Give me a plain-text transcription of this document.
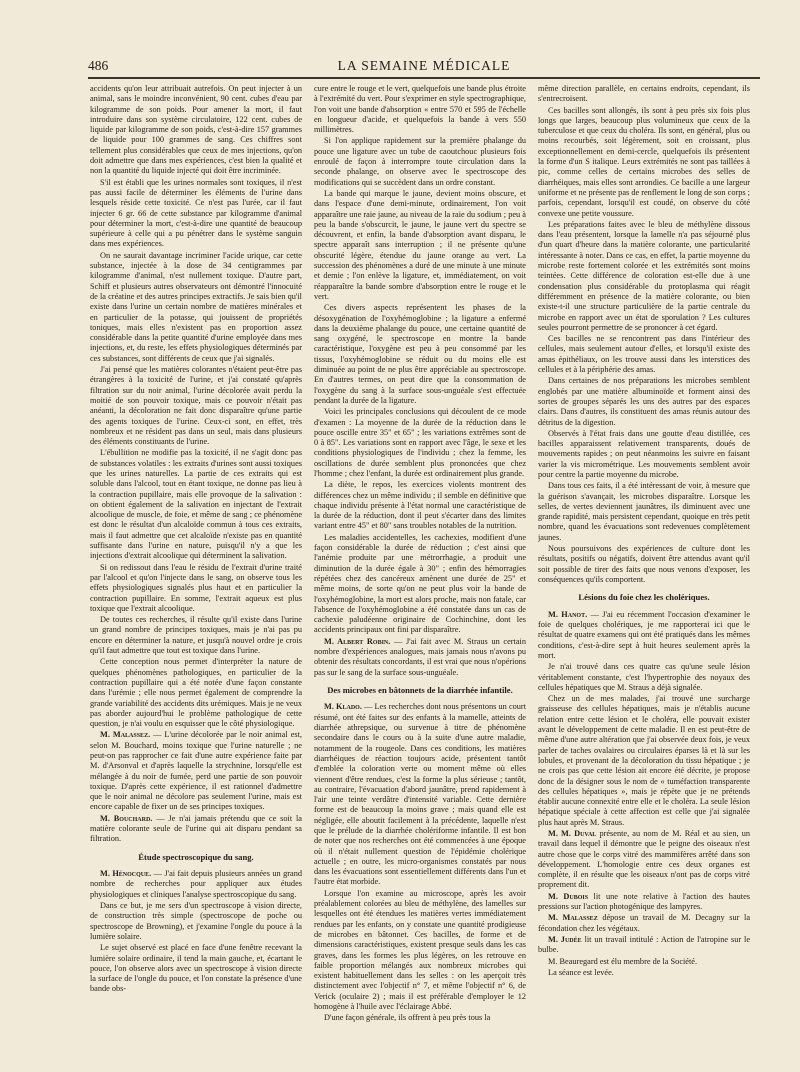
486	LA SEMAINE MÉDICALE

accidents qu'on leur attribuait autrefois. On peut injecter à un animal, sans le moindre inconvénient, 90 cent. cubes d'eau par kilogramme de son poids. Pour amener la mort, il faut introduire dans son système circulatoire, 122 cent. cubes de liquide par kilogramme de son poids, c'est-à-dire 157 grammes de liquide pour 100 grammes de sang. Ces chiffres sont tellement plus considérables que ceux de mes injections, qu'on doit admettre que dans mes expériences, c'est bien la qualité et non la quantité du liquide injecté qui doit être incriminée.

S'il est établi que les urines normales sont toxiques, il n'est pas aussi facile de déterminer les éléments de l'urine dans lesquels réside cette toxicité. Ce n'est pas l'urée, car il faut injecter 6 gr. 66 de cette substance par kilogramme d'animal pour déterminer la mort, c'est-à-dire une quantité de beaucoup supérieure à celle qui a pu pénétrer dans le système sanguin dans mes expériences.

On ne saurait davantage incriminer l'acide urique, car cette substance, injectée à la dose de 34 centigrammes par kilogramme d'animal, n'est nullement toxique. D'autre part, Schiff et plusieurs autres observateurs ont démontré l'innocuité de la créatine et des autres principes extractifs. Je sais bien qu'il existe dans l'urine un certain nombre de matières minérales et en particulier de la potasse, qui jouissent de propriétés toniques, mais elles n'existent pas en proportion assez considérable dans la petite quantité d'urine employée dans mes injections, et, du reste, les effets physiologiques déterminés par ces substances, sont différents de ceux que j'ai signalés.

J'ai pensé que les matières colorantes n'étaient peut-être pas étrangères à la toxicité de l'urine, et j'ai constaté qu'après filtration sur du noir animal, l'urine décolorée avait perdu la moitié de son pouvoir toxique, mais ce pouvoir n'était pas anéanti, la décoloration ne fait donc disparaître qu'une partie des agents toxiques de l'urine. Ceux-ci sont, en effet, très nombreux et ne résident pas dans un seul, mais dans plusieurs des éléments constituants de l'urine.

L'ébullition ne modifie pas la toxicité, il ne s'agit donc pas de substances volatiles : les extraits d'urines sont aussi toxiques que les urines naturelles. La partie de ces extraits qui est soluble dans l'alcool, tout en étant toxique, ne donne pas lieu à la contraction pupillaire, mais elle provoque de la salivation : on obtient également de la salivation en injectant de l'extrait alcoolique de muscle, de foie, et même de sang ; ce phénomène est donc le résultat d'un alcaloïde commun à tous ces extraits, mais il faut admettre que cet alcaloïde n'existe pas en quantité suffisante dans l'urine en nature, puisqu'il n'y a que les injections d'extrait alcoolique qui déterminent la salivation.

Si on redissout dans l'eau le résidu de l'extrait d'urine traité par l'alcool et qu'on l'injecte dans le sang, on observe tous les effets physiologiques signalés plus haut et en particulier la contraction pupillaire. En somme, l'extrait aqueux est plus toxique que l'extrait alcoolique.

De toutes ces recherches, il résulte qu'il existe dans l'urine un grand nombre de principes toxiques, mais je n'ai pas pu encore en déterminer la nature, et jusqu'à nouvel ordre je crois qu'il faut admettre que tout est toxique dans l'urine.

Cette conception nous permet d'interpréter la nature de quelques phénomènes pathologiques, en particulier de la contraction pupillaire qui a été notée d'une façon constante dans l'urémie ; elle nous permet également de comprendre la grande variabilité des accidents dits urémiques. Mais je ne veux pas aborder aujourd'hui le problème pathologique de cette question, je n'ai voulu en esquisser que le côté physiologique.

M. Malassez. — L'urine décolorée par le noir animal est, selon M. Bouchard, moins toxique que l'urine naturelle ; ne peut-on pas rapprocher ce fait d'une autre expérience faite par M. d'Arsonval et d'après laquelle la strychnine, lorsqu'elle est mélangée à du noir de fumée, perd une partie de son pouvoir toxique. D'après cette expérience, il est rationnel d'admettre que le noir animal ne décolore pas seulement l'urine, mais est encore capable de fixer un de ses principes toxiques.

M. Bouchard. — Je n'ai jamais prétendu que ce soit la matière colorante seule de l'urine qui ait disparu pendant sa filtration.

Étude spectroscopique du sang.

M. Hénocque. — J'ai fait depuis plusieurs années un grand nombre de recherches pour appliquer aux études physiologiques et cliniques l'analyse spectroscopique du sang.

Dans ce but, je me sers d'un spectroscope à vision directe, de construction très simple (spectroscope de poche ou spectroscope de Browning), et j'examine l'ongle du pouce à la lumière solaire.

Le sujet observé est placé en face d'une fenêtre recevant la lumière solaire ordinaire, il tend la main gauche, et, écartant le pouce, l'on observe alors avec un spectroscope à vision directe la surface de l'ongle du pouce, et l'on constate la présence d'une bande obs-

cure entre le rouge et le vert, quelquefois une bande plus étroite à l'extrémité du vert. Pour s'exprimer en style spectrographique, l'on voit une bande d'absorption « entre 570 et 595 de l'échelle en longueur d'acide, et quelquefois la bande à vers 550 millimètres.

Si l'on applique rapidement sur la première phalange du pouce une ligature avec un tube de caoutchouc plusieurs fois enroulé de façon à interrompre toute circulation dans la seconde phalange, on observe avec le spectroscope des modifications qui se succèdent dans un ordre constant.

La bande qui marque le jaune, devient moins obscure, et dans l'espace d'une demi-minute, ordinairement, l'on voit apparaître une raie jaune, au niveau de la raie du sodium ; peu à peu la bande s'obscurcit, le jaune, le jaune vert du spectre se découvrent, et enfin, la bande d'absorption avant disparu, le spectre apparaît sans interruption ; il ne présente qu'une obscurité légère, étendue du jaune orange au vert. La succession des phénomènes a duré de une minute à une minute et demie ; l'on enlève la ligature, et, immédiatement, on voit réapparaître la bande sombre d'absorption entre le rouge et le vert.

Ces divers aspects représentent les phases de la désoxygénation de l'oxyhémoglobine ; la ligature a enfermé dans la deuxième phalange du pouce, une certaine quantité de sang oxygéné, le spectroscope en montre la bande caractéristique, l'oxygène est peu à peu consommé par les tissus, l'oxyhémoglobine se réduit ou du moins elle est diminuée au point de ne plus être appréciable au spectroscope. En d'autres termes, on peut dire que la consommation de l'oxygène du sang à la surface sous-unguéale s'est effectuée pendant la durée de la ligature.

Voici les principales conclusions qui découlent de ce mode d'examen : La moyenne de la durée de la réduction dans le pouce oscille entre 35" et 65" ; les variations extrêmes sont de 0 à 85". Les variations sont en rapport avec l'âge, le sexe et les conditions physiologiques de l'individu ; chez la femme, les oscillations de durée semblent plus prononcées que chez l'homme ; chez l'enfant, la durée est ordinairement plus grande.

La diète, le repos, les exercices violents montrent des différences chez un même individu ; il semble en définitive que chaque individu présente à l'état normal une caractéristique de la durée de la réduction, dont il peut s'écarter dans des limites variant entre 45" et 80" sans troubles notables de la nutrition.

Les maladies accidentelles, les cachexies, modifient d'une façon considérable la durée de réduction ; c'est ainsi que l'anémie produite par une métrorrhagie, a produit une diminution de la durée égale à 30" ; enfin des hémorragies répétées chez des cancéreux amènent une durée de 25" et même moins, de sorte qu'on ne peut plus voir la bande de l'oxyhémoglobine, la mort est alors proche, mais non fatale, car l'absence de l'oxyhémoglobine a été constatée dans un cas de cachexie paludéenne originaire de Cochinchine, dont les accidents principaux ont fini par disparaître.

M. Albert Robin. — J'ai fait avec M. Straus un certain nombre d'expériences analogues, mais jamais nous n'avons pu obtenir des résultats concordants, il est vrai que nous n'opérions pas sur le sang de la surface sous-unguéale.

Des microbes en bâtonnets de la diarrhée infantile.

M. Klado. — Les recherches dont nous présentons un court résumé, ont été faites sur des enfants à la mamelle, atteints de diarrhée athrepsique, ou survenue à titre de phénomène secondaire dans le cours ou à la suite d'une autre maladie, notamment de la rougeole. Dans ces conditions, les matières diarrhéiques de réaction toujours acide, présentent tantôt d'emblée la coloration verte ou moment même où elles viennent d'être rendues, c'est la forme la plus sérieuse ; tantôt, au contraire, l'évacuation d'abord jaunâtre, prend rapidement à l'air une teinte verdâtre d'intensité variable. Cette dernière forme est de beaucoup la moins grave ; mais quand elle est négligée, elle aboutit facilement à la précédente, laquelle n'est que le prélude de la diarrhée cholériforme infantile. Il est bon de noter que nos recherches ont été commencées à une époque où il n'était nullement question de l'épidémie cholérique actuelle ; en outre, les micro-organismes constatés par nous dans les évacuations sont essentiellement différents dans l'un et l'autre état morbide.

Lorsque l'on examine au microscope, après les avoir préalablement colorées au bleu de méthylène, des lamelles sur lesquelles ont été étendues les matières vertes immédiatement rendues par les enfants, on y constate une quantité prodigieuse de microbes en bâtonnet. Ces bacilles, de forme et de dimensions caractéristiques, existent presque seuls dans les cas graves, dans les formes les plus légères, on les retrouve en faible proportion mélangés aux nombreux microbes qui existent habituellement dans les selles : on les aperçoit très distinctement avec l'objectif n° 7, et même l'objectif n° 6, de Verick (oculaire 2) ; mais il est préférable d'employer le 12 homogène à l'huile avec l'éclairage Abbé.

D'une façon générale, ils offrent à peu près tous la

même direction parallèle, en certains endroits, cependant, ils s'entrecroisent.

Ces bacilles sont allongés, ils sont à peu près six fois plus longs que larges, beaucoup plus volumineux que ceux de la tuberculose et que ceux du choléra. Ils sont, en général, plus ou moins recourbés, soit légèrement, soit en croissant, plus exceptionnellement en demi-cercle, quelquefois ils présentent la forme d'un S italique. Leurs extrémités ne sont pas taillées à pic, comme celles de certains microbes des selles de diarrhéiques, mais elles sont arrondies. Ce bacille a une largeur uniforme et ne présente pas de renflement le long de son corps ; parfois, cependant, lorsqu'il est coudé, on observe du côté convexe une petite voussure.

Les préparations faites avec le bleu de méthylène dissous dans l'eau présentent, lorsque la lamelle n'a pas séjourné plus d'un quart d'heure dans la matière colorante, une particularité intéressante à noter. Dans ce cas, en effet, la partie moyenne du microbe reste fortement colorée et les extrémités sont moins teintées. Cette différence de coloration est-elle due à une condensation plus considérable du protoplasma qui réagit différemment en présence de la matière colorante, ou bien existe-t-il une structure particulière de la partie centrale du microbe en rapport avec un état de sporulation ? Les cultures seules pourront permettre de se prononcer à cet égard.

Ces bacilles ne se rencontrent pas dans l'intérieur des cellules, mais seulement autour d'elles, et lorsqu'il existe des amas épithéliaux, on les trouve aussi dans les interstices des cellules et à la périphérie des amas.

Dans certaines de nos préparations les microbes semblent englobés par une matière albuminoïde et forment ainsi des sortes de groupes séparés les uns des autres par des espaces clairs. Dans d'autres, ils constituent des amas réunis autour des détritus de la digestion.

Observés à l'état frais dans une goutte d'eau distillée, ces bacilles apparaissent relativement transparents, doués de mouvements rapides ; on peut néanmoins les suivre en faisant varier la vis micrométrique. Les mouvements semblent avoir pour centre la partie moyenne du microbe.

Dans tous ces faits, il a été intéressant de voir, à mesure que la guérison s'avançait, les microbes disparaître. Lorsque les selles, de vertes deviennent jaunâtres, ils diminuent avec une grande rapidité, mais persistent cependant, quoique en très petit nombre, quand les évacuations sont redevenues complètement jaunes.

Nous poursuivons des expériences de culture dont les résultats, positifs ou négatifs, doivent être attendus avant qu'il soit possible de tirer des faits que nous venons d'exposer, les conséquences qu'ils comportent.

Lésions du foie chez les cholériques.

M. Hanot. — J'ai eu récemment l'occasion d'examiner le foie de quelques cholériques, je me rapporterai ici que le résultat de quatre examens qui ont été pratiqués dans les mêmes conditions, c'est-à-dire sept à huit heures seulement après la mort.

Je n'ai trouvé dans ces quatre cas qu'une seule lésion véritablement constante, c'est l'hypertrophie des noyaux des cellules hépatiques que M. Straus a déjà signalée.

Chez un de mes malades, j'ai trouvé une surcharge graisseuse des cellules hépatiques, mais je n'établis aucune relation entre cette lésion et le choléra, elle pouvait exister avant le développement de cette maladie. Il en est peut-être de même d'une autre altération que j'ai observée deux fois, je veux parler de taches ovalaires ou circulaires éparses là et là sur les lobules, et provenant de la décoloration du tissu hépatique ; je ne crois pas que cette lésion ait encore été décrite, je propose donc de la désigner sous le nom de « tuméfaction transparente des cellules hépatiques », mais je répète que je ne prétends établir aucune connexité entre elle et le choléra. La seule lésion hépatique spéciale à cette affection est celle que j'ai signalée plus haut après M. Straus.

M. M. Duval présente, au nom de M. Réal et au sien, un travail dans lequel il démontre que le peigne des oiseaux n'est autre chose que le corps vitré des mammifères arrêté dans son développement. L'homologie entre ces deux organes est complète, il en résulte que les oiseaux n'ont pas de corps vitré proprement dit.

M. Dubois lit une note relative à l'action des hautes pressions sur l'action photogénique des lampyres.

M. Malassez dépose un travail de M. Decagny sur la fécondation chez les végétaux.

M. Judée lit un travail intitulé : Action de l'atropine sur le bulbe.

M. Beauregard est élu membre de la Société.

La séance est levée.
